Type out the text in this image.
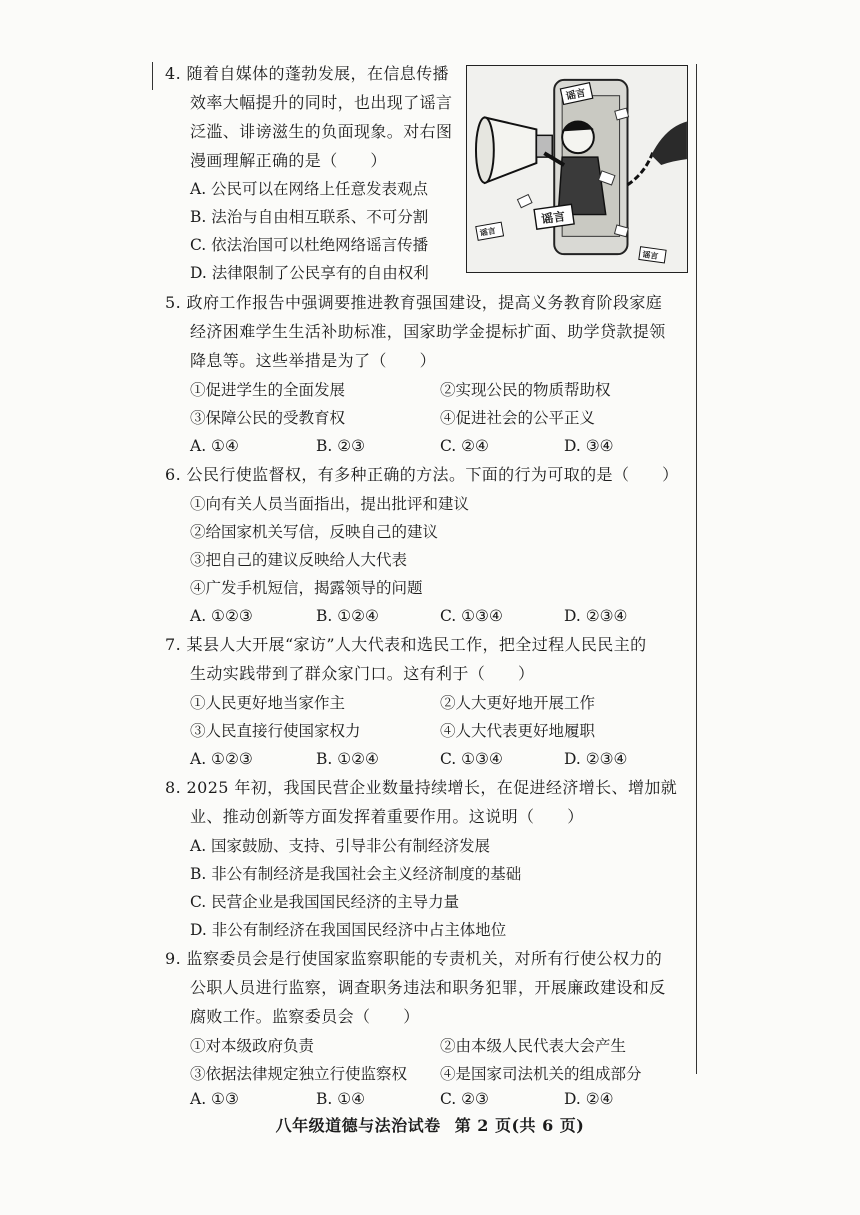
4. 随着自媒体的蓬勃发展，在信息传播
效率大幅提升的同时，也出现了谣言
泛滥、诽谤滋生的负面现象。对右图
漫画理解正确的是（　　）
A. 公民可以在网络上任意发表观点
B. 法治与自由相互联系、不可分割
C. 依法治国可以杜绝网络谣言传播
D. 法律限制了公民享有的自由权利
谣言
谣言
谣言
谣言
5. 政府工作报告中强调要推进教育强国建设，提高义务教育阶段家庭
经济困难学生生活补助标准，国家助学金提标扩面、助学贷款提领
降息等。这些举措是为了（　　）
①促进学生的全面发展	②实现公民的物质帮助权
③保障公民的受教育权	④促进社会的公平正义
A. ①④	B. ②③	C. ②④	D. ③④
6. 公民行使监督权，有多种正确的方法。下面的行为可取的是（　　）
①向有关人员当面指出，提出批评和建议
②给国家机关写信，反映自己的建议
③把自己的建议反映给人大代表
④广发手机短信，揭露领导的问题
A. ①②③	B. ①②④	C. ①③④	D. ②③④
7. 某县人大开展“家访”人大代表和选民工作，把全过程人民民主的
生动实践带到了群众家门口。这有利于（　　）
①人民更好地当家作主	②人大更好地开展工作
③人民直接行使国家权力	④人大代表更好地履职
A. ①②③	B. ①②④	C. ①③④	D. ②③④
8. 2025 年初，我国民营企业数量持续增长，在促进经济增长、增加就
业、推动创新等方面发挥着重要作用。这说明（　　）
A. 国家鼓励、支持、引导非公有制经济发展
B. 非公有制经济是我国社会主义经济制度的基础
C. 民营企业是我国国民经济的主导力量
D. 非公有制经济在我国国民经济中占主体地位
9. 监察委员会是行使国家监察职能的专责机关，对所有行使公权力的
公职人员进行监察，调查职务违法和职务犯罪，开展廉政建设和反
腐败工作。监察委员会（　　）
①对本级政府负责	②由本级人民代表大会产生
③依据法律规定独立行使监察权 ④是国家司法机关的组成部分
A. ①③	B. ①④	C. ②③	D. ②④
八年级道德与法治试卷 第 2 页(共 6 页)
